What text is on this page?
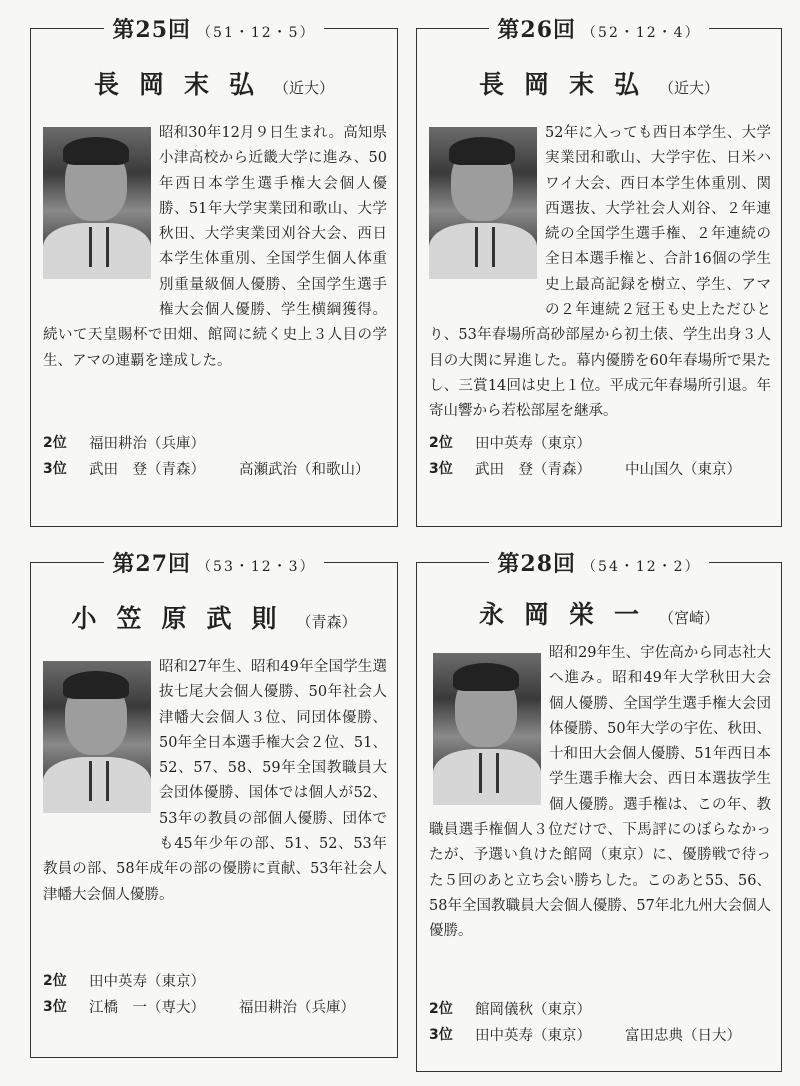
第25回 （51・12・5）
長岡末弘 （近大）
昭和30年12月９日生まれ。高知県小津高校から近畿大学に進み、50年西日本学生選手権大会個人優勝、51年大学実業団和歌山、大学秋田、大学実業団刈谷大会、西日本学生体重別、全国学生個人体重別重量級個人優勝、全国学生選手権大会個人優勝、学生横綱獲得。続いて天皇賜杯で田畑、館岡に続く史上３人目の学生、アマの連覇を達成した。
2位	福田耕治（兵庫）
3位	武田　登（青森）	高瀬武治（和歌山）
第26回 （52・12・4）
長岡末弘 （近大）
52年に入っても西日本学生、大学実業団和歌山、大学宇佐、日米ハワイ大会、西日本学生体重別、関西選抜、大学社会人刈谷、２年連続の全国学生選手権、２年連続の全日本選手権と、合計16個の学生史上最高記録を樹立、学生、アマの２年連続２冠王も史上ただひとり、53年春場所高砂部屋から初土俵、学生出身３人目の大関に昇進した。幕内優勝を60年春場所で果たし、三賞14回は史上１位。平成元年春場所引退。年寄山響から若松部屋を継承。
2位	田中英寿（東京）
3位	武田　登（青森）	中山国久（東京）
第27回 （53・12・3）
小笠原武則 （青森）
昭和27年生、昭和49年全国学生選抜七尾大会個人優勝、50年社会人津幡大会個人３位、同団体優勝、50年全日本選手権大会２位、51、52、57、58、59年全国教職員大会団体優勝、国体では個人が52、53年の教員の部個人優勝、団体でも45年少年の部、51、52、53年教員の部、58年成年の部の優勝に貢献、53年社会人津幡大会個人優勝。
2位	田中英寿（東京）
3位	江橋　一（専大）	福田耕治（兵庫）
第28回 （54・12・2）
永岡栄一 （宮崎）
昭和29年生、宇佐高から同志社大へ進み。昭和49年大学秋田大会個人優勝、全国学生選手権大会団体優勝、50年大学の宇佐、秋田、十和田大会個人優勝、51年西日本学生選手権大会、西日本選抜学生個人優勝。選手権は、この年、教職員選手権個人３位だけで、下馬評にのぼらなかったが、予選い負けた館岡（東京）に、優勝戦で待った５回のあと立ち会い勝ちした。このあと55、56、58年全国教職員大会個人優勝、57年北九州大会個人優勝。
2位	館岡儀秋（東京）
3位	田中英寿（東京）	富田忠典（日大）
